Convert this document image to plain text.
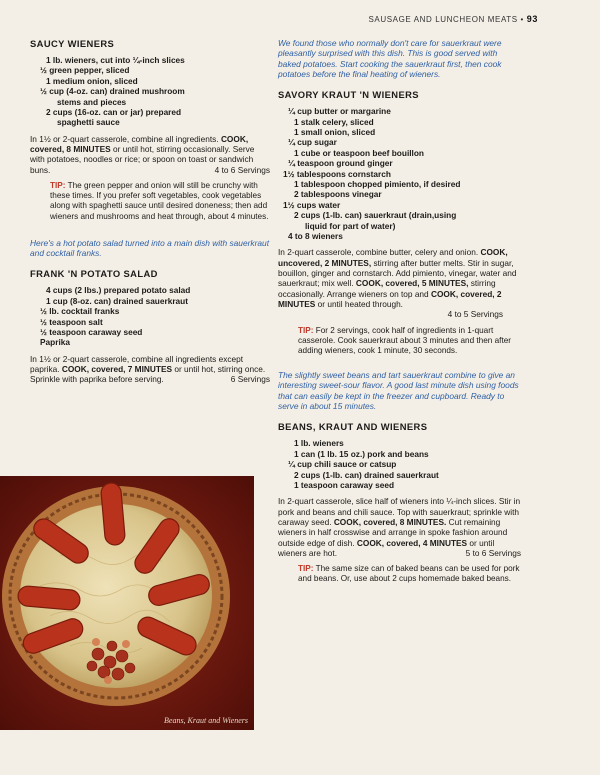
SAUSAGE AND LUNCHEON MEATS • 93
SAUCY WIENERS
1 lb. wieners, cut into ¼-inch slices
½ green pepper, sliced
1 medium onion, sliced
½ cup (4-oz. can) drained mushroom
stems and pieces
2 cups (16-oz. can or jar) prepared
spaghetti sauce

In 1½ or 2-quart casserole, combine all ingredients. COOK, covered, 8 MINUTES or until hot, stirring occasionally. Serve with potatoes, noodles or rice; or spoon on toast or sandwich buns.	4 to 6 Servings

TIP: The green pepper and onion will still be crunchy with these times. If you prefer soft vegetables, cook vegetables along with spaghetti sauce until desired doneness; then add wieners and mushrooms and heat through, about 4 minutes.

Here's a hot potato salad turned into a main dish with sauerkraut and cocktail franks.

FRANK 'N POTATO SALAD
4 cups (2 lbs.) prepared potato salad
1 cup (8-oz. can) drained sauerkraut
½ lb. cocktail franks
½ teaspoon salt
½ teaspoon caraway seed
Paprika

In 1½ or 2-quart casserole, combine all ingredients except paprika. COOK, covered, 7 MINUTES or until hot, stirring once. Sprinkle with paprika before serving.	6 Servings

Beans, Kraut and Wieners

We found those who normally don't care for sauerkraut were pleasantly surprised with this dish. This is good served with baked potatoes. Start cooking the sauerkraut first, then cook potatoes before the final heating of wieners.

SAVORY KRAUT 'N WIENERS
¼ cup butter or margarine
1 stalk celery, sliced
1 small onion, sliced
¼ cup sugar
1 cube or teaspoon beef bouillon
¼ teaspoon ground ginger
1½ tablespoons cornstarch
1 tablespoon chopped pimiento, if desired
2 tablespoons vinegar
1½ cups water
2 cups (1-lb. can) sauerkraut (drain,using
liquid for part of water)
4 to 8 wieners

In 2-quart casserole, combine butter, celery and onion. COOK, uncovered, 2 MINUTES, stirring after butter melts. Stir in sugar, bouillon, ginger and cornstarch. Add pimiento, vinegar, water and sauerkraut; mix well. COOK, covered, 5 MINUTES, stirring occasionally. Arrange wieners on top and COOK, covered, 2 MINUTES or until heated through.

4 to 5 Servings

TIP: For 2 servings, cook half of ingredients in 1-quart casserole. Cook sauerkraut about 3 minutes and then after adding wieners, cook 1 minute, 30 seconds.

The slightly sweet beans and tart sauerkraut combine to give an interesting sweet-sour flavor. A good last minute dish using foods that can easily be kept in the freezer and cupboard. Ready to serve in about 15 minutes.

BEANS, KRAUT AND WIENERS
1 lb. wieners
1 can (1 lb. 15 oz.) pork and beans
¼ cup chili sauce or catsup
2 cups (1-lb. can) drained sauerkraut
1 teaspoon caraway seed

In 2-quart casserole, slice half of wieners into ¼-inch slices. Stir in pork and beans and chili sauce. Top with sauerkraut; sprinkle with caraway seed. COOK, covered, 8 MINUTES. Cut remaining wieners in half crosswise and arrange in spoke fashion around outside edge of dish. COOK, covered, 4 MINUTES or until wieners are hot.	5 to 6 Servings

TIP: The same size can of baked beans can be used for pork and beans. Or, use about 2 cups homemade baked beans.
